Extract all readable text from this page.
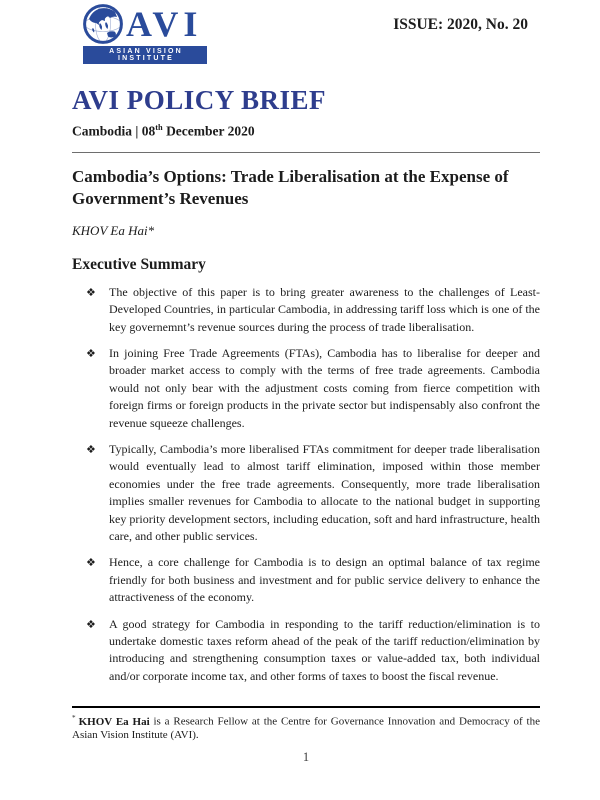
AVI
ASIAN VISION INSTITUTE
ISSUE: 2020, No. 20
AVI POLICY BRIEF
Cambodia | 08th December 2020
Cambodia’s Options: Trade Liberalisation at the Expense of Government’s Revenues

KHOV Ea Hai*

Executive Summary
❖ The objective of this paper is to bring greater awareness to the challenges of Least-Developed Countries, in particular Cambodia, in addressing tariff loss which is one of the key governemnt’s revenue sources during the process of trade liberalisation.
❖ In joining Free Trade Agreements (FTAs), Cambodia has to liberalise for deeper and broader market access to comply with the terms of free trade agreements. Cambodia would not only bear with the adjustment costs coming from fierce competition with foreign firms or foreign products in the private sector but indispensably also confront the revenue squeeze challenges.
❖ Typically, Cambodia’s more liberalised FTAs commitment for deeper trade liberalisation would eventually lead to almost tariff elimination, imposed within those member economies under the free trade agreements. Consequently, more trade liberalisation implies smaller revenues for Cambodia to allocate to the national budget in supporting key priority development sectors, including education, soft and hard infrastructure, health care, and other public services.
❖ Hence, a core challenge for Cambodia is to design an optimal balance of tax regime friendly for both business and investment and for public service delivery to enhance the attractiveness of the economy.
❖ A good strategy for Cambodia in responding to the tariff reduction/elimination is to undertake domestic taxes reform ahead of the peak of the tariff reduction/elimination by introducing and strengthening consumption taxes or value-added tax, both individual and/or corporate income tax, and other forms of taxes to boost the fiscal revenue.

* KHOV Ea Hai is a Research Fellow at the Centre for Governance Innovation and Democracy of the Asian Vision Institute (AVI).

1
